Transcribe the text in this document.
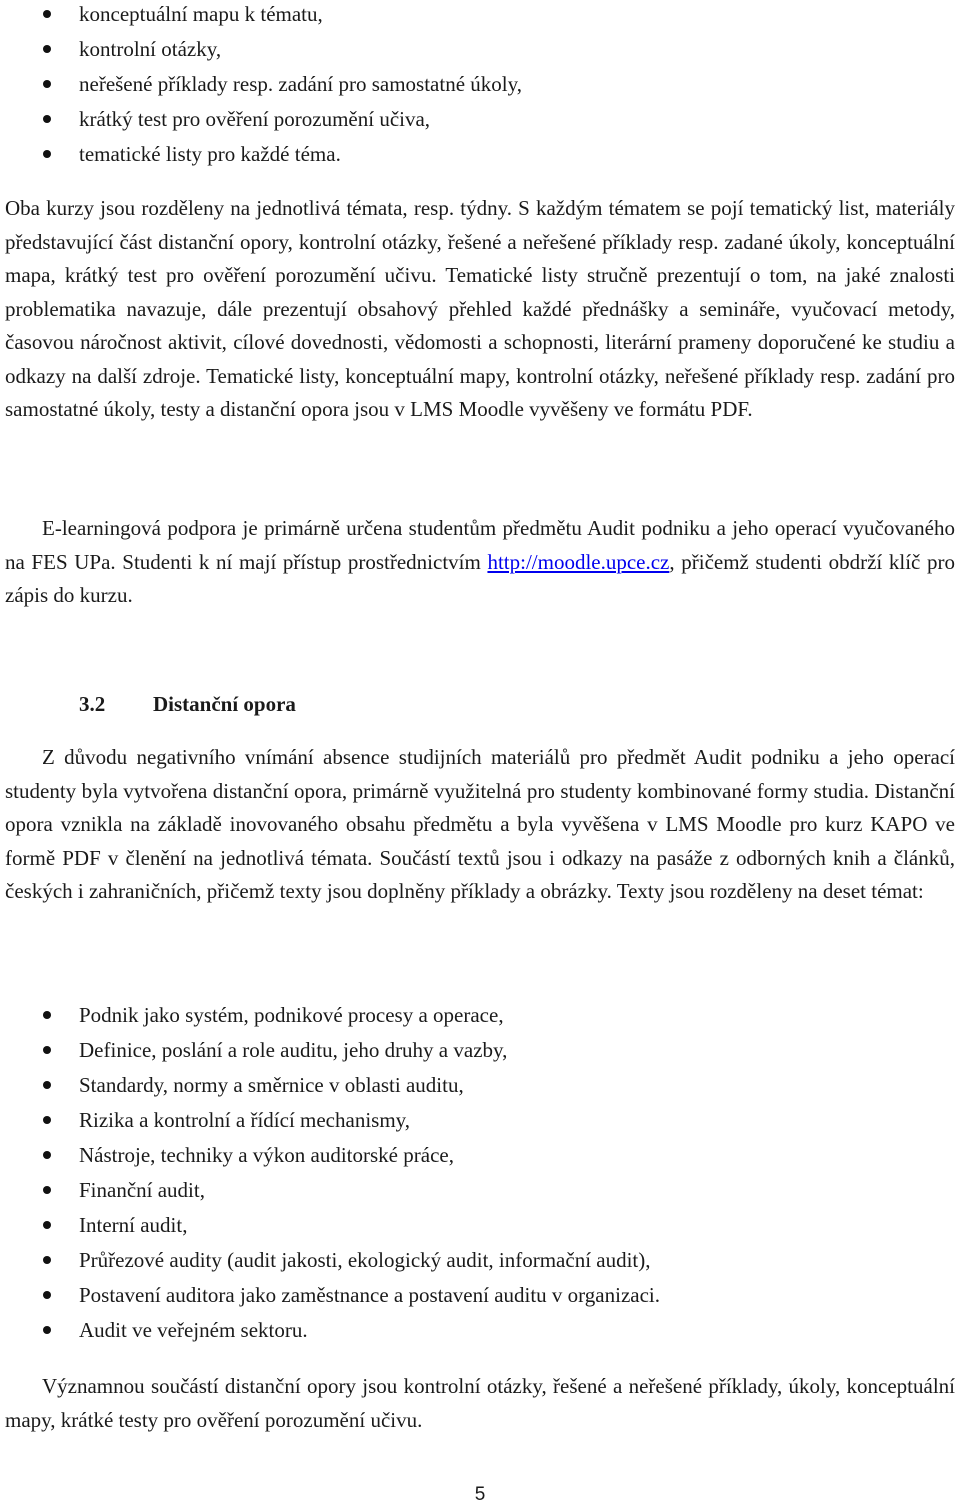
konceptuální mapu k tématu,
kontrolní otázky,
neřešené příklady resp. zadání pro samostatné úkoly,
krátký test pro ověření porozumění učiva,
tematické listy pro každé téma.

Oba kurzy jsou rozděleny na jednotlivá témata, resp. týdny. S každým tématem se pojí tematický list, materiály představující část distanční opory, kontrolní otázky, řešené a neřešené příklady resp. zadané úkoly, konceptuální mapa, krátký test pro ověření porozumění učivu. Tematické listy stručně prezentují o tom, na jaké znalosti problematika navazuje, dále prezentují obsahový přehled každé přednášky a semináře, vyučovací metody, časovou náročnost aktivit, cílové dovednosti, vědomosti a schopnosti, literární prameny doporučené ke studiu a odkazy na další zdroje. Tematické listy, konceptuální mapy, kontrolní otázky, neřešené příklady resp. zadání pro samostatné úkoly, testy a distanční opora jsou v LMS Moodle vyvěšeny ve formátu PDF.

E-learningová podpora je primárně určena studentům předmětu Audit podniku a jeho operací vyučovaného na FES UPa. Studenti k ní mají přístup prostřednictvím http://moodle.upce.cz, přičemž studenti obdrží klíč pro zápis do kurzu.

3.2 Distanční opora

Z důvodu negativního vnímání absence studijních materiálů pro předmět Audit podniku a jeho operací studenty byla vytvořena distanční opora, primárně využitelná pro studenty kombinované formy studia. Distanční opora vznikla na základě inovovaného obsahu předmětu a byla vyvěšena v LMS Moodle pro kurz KAPO ve formě PDF v členění na jednotlivá témata. Součástí textů jsou i odkazy na pasáže z odborných knih a článků, českých i zahraničních, přičemž texty jsou doplněny příklady a obrázky. Texty jsou rozděleny na deset témat:

Podnik jako systém, podnikové procesy a operace,
Definice, poslání a role auditu, jeho druhy a vazby,
Standardy, normy a směrnice v oblasti auditu,
Rizika a kontrolní a řídící mechanismy,
Nástroje, techniky a výkon auditorské práce,
Finanční audit,
Interní audit,
Průřezové audity (audit jakosti, ekologický audit, informační audit),
Postavení auditora jako zaměstnance a postavení auditu v organizaci.
Audit ve veřejném sektoru.

Významnou součástí distanční opory jsou kontrolní otázky, řešené a neřešené příklady, úkoly, konceptuální mapy, krátké testy pro ověření porozumění učivu.

5
